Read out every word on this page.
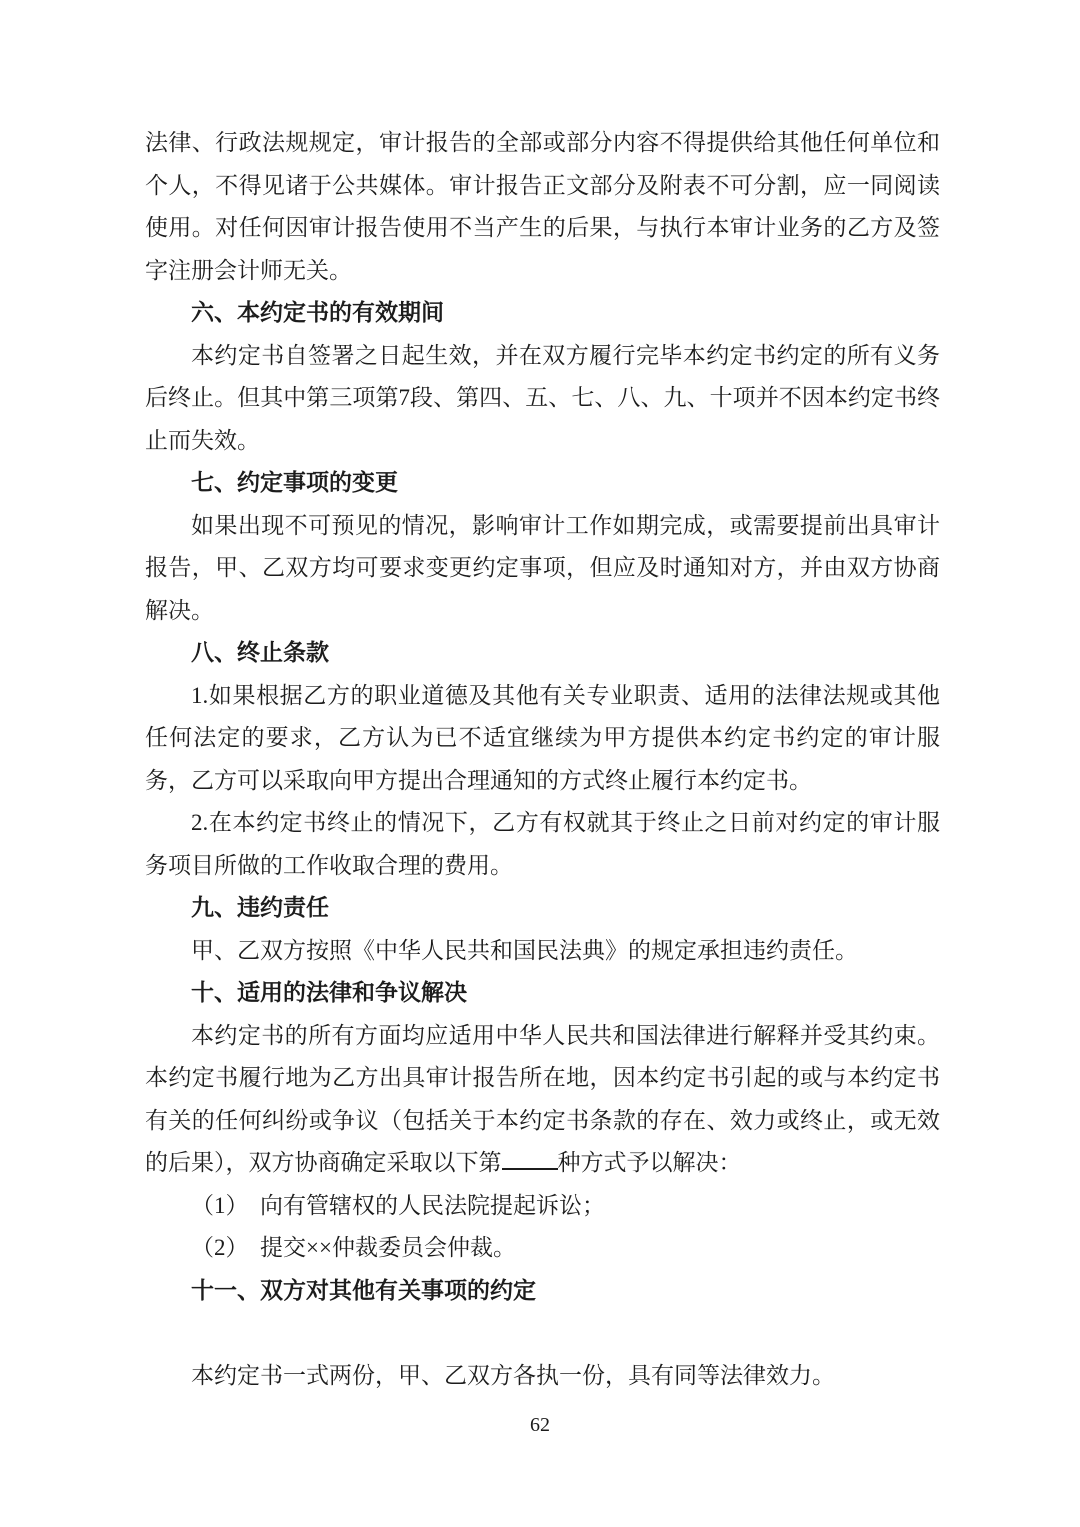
法律、行政法规规定，审计报告的全部或部分内容不得提供给其他任何单位和个人，不得见诸于公共媒体。审计报告正文部分及附表不可分割，应一同阅读使用。对任何因审计报告使用不当产生的后果，与执行本审计业务的乙方及签字注册会计师无关。

六、本约定书的有效期间

本约定书自签署之日起生效，并在双方履行完毕本约定书约定的所有义务后终止。但其中第三项第7段、第四、五、七、八、九、十项并不因本约定书终止而失效。

七、约定事项的变更

如果出现不可预见的情况，影响审计工作如期完成，或需要提前出具审计报告，甲、乙双方均可要求变更约定事项，但应及时通知对方，并由双方协商解决。

八、终止条款

1.如果根据乙方的职业道德及其他有关专业职责、适用的法律法规或其他任何法定的要求，乙方认为已不适宜继续为甲方提供本约定书约定的审计服务，乙方可以采取向甲方提出合理通知的方式终止履行本约定书。

2.在本约定书终止的情况下，乙方有权就其于终止之日前对约定的审计服务项目所做的工作收取合理的费用。

九、违约责任

甲、乙双方按照《中华人民共和国民法典》的规定承担违约责任。

十、适用的法律和争议解决

本约定书的所有方面均应适用中华人民共和国法律进行解释并受其约束。本约定书履行地为乙方出具审计报告所在地，因本约定书引起的或与本约定书有关的任何纠纷或争议（包括关于本约定书条款的存在、效力或终止，或无效的后果），双方协商确定采取以下第 种方式予以解决：

（1）　向有管辖权的人民法院提起诉讼；

（2）　提交××仲裁委员会仲裁。

十一、双方对其他有关事项的约定

本约定书一式两份，甲、乙双方各执一份，具有同等法律效力。

62
